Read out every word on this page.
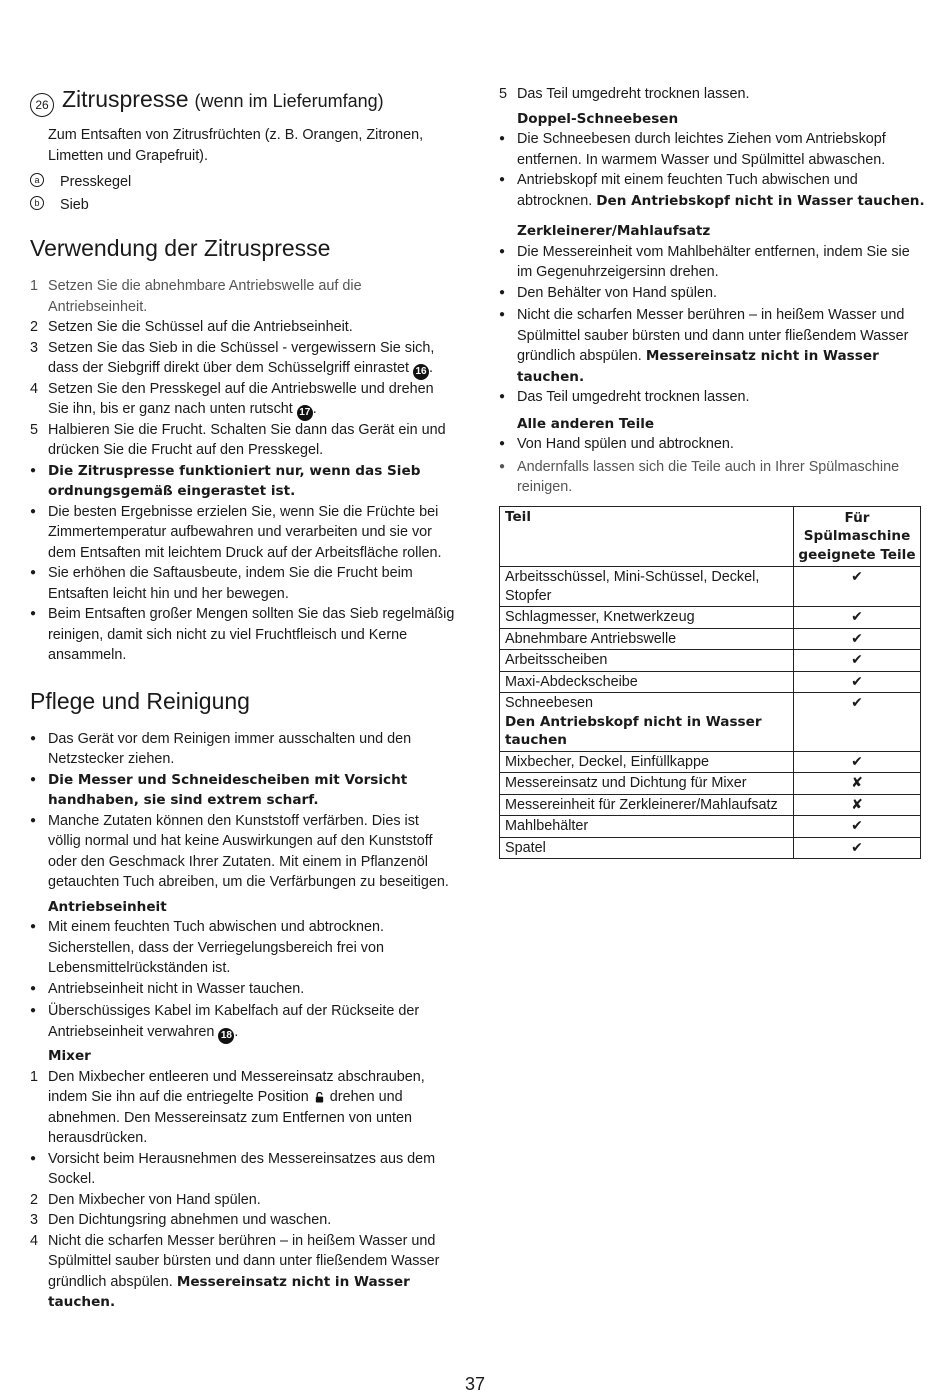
26 Zitruspresse (wenn im Lieferumfang)
Zum Entsaften von Zitrusfrüchten (z. B. Orangen, Zitronen, Limetten und Grapefruit).
a	Presskegel
b	Sieb
Verwendung der Zitruspresse
1 Setzen Sie die abnehmbare Antriebswelle auf die Antriebseinheit.
2 Setzen Sie die Schüssel auf die Antriebseinheit.
3 Setzen Sie das Sieb in die Schüssel - vergewissern Sie sich, dass der Siebgriff direkt über dem Schüsselgriff einrastet 16 .
4 Setzen Sie den Presskegel auf die Antriebswelle und drehen Sie ihn, bis er ganz nach unten rutscht 17 .
5 Halbieren Sie die Frucht. Schalten Sie dann das Gerät ein und drücken Sie die Frucht auf den Presskegel.
●
Die Zitruspresse funktioniert nur, wenn das Sieb ordnungsgemäß eingerastet ist.
●
Die besten Ergebnisse erzielen Sie, wenn Sie die Früchte bei Zimmertemperatur aufbewahren und verarbeiten und sie vor dem Entsaften mit leichtem Druck auf der Arbeitsfläche rollen.
●
Sie erhöhen die Saftausbeute, indem Sie die Frucht beim Entsaften leicht hin und her bewegen.
●
Beim Entsaften großer Mengen sollten Sie das Sieb regelmäßig reinigen, damit sich nicht zu viel Fruchtfleisch und Kerne ansammeln.
Pflege und Reinigung
●
Das Gerät vor dem Reinigen immer ausschalten und den Netzstecker ziehen.
●
Die Messer und Schneidescheiben mit Vorsicht handhaben, sie sind extrem scharf.
●
Manche Zutaten können den Kunststoff verfärben. Dies ist völlig normal und hat keine Auswirkungen auf den Kunststoff oder den Geschmack Ihrer Zutaten. Mit einem in Pflanzenöl getauchten Tuch abreiben, um die Verfärbungen zu beseitigen.
Antriebseinheit
●
Mit einem feuchten Tuch abwischen und abtrocknen. Sicherstellen, dass der Verriegelungsbereich frei von Lebensmittelrückständen ist.
●
Antriebseinheit nicht in Wasser tauchen.
●
Überschüssiges Kabel im Kabelfach auf der Rückseite der Antriebseinheit verwahren 18 .
Mixer
1 Den Mixbecher entleeren und Messereinsatz abschrauben, indem Sie ihn auf die entriegelte Position drehen und abnehmen. Den Messereinsatz zum Entfernen von unten herausdrücken.
●
Vorsicht beim Herausnehmen des Messereinsatzes aus dem Sockel.
2 Den Mixbecher von Hand spülen.
3 Den Dichtungsring abnehmen und waschen.
4 Nicht die scharfen Messer berühren – in heißem Wasser und Spülmittel sauber bürsten und dann unter fließendem Wasser gründlich abspülen. Messereinsatz nicht in Wasser tauchen.
5 Das Teil umgedreht trocknen lassen.
Doppel-Schneebesen
●
Die Schneebesen durch leichtes Ziehen vom Antriebskopf entfernen. In warmem Wasser und Spülmittel abwaschen.
●
Antriebskopf mit einem feuchten Tuch abwischen und abtrocknen. Den Antriebskopf nicht in Wasser tauchen.
Zerkleinerer/Mahlaufsatz
●
Die Messereinheit vom Mahlbehälter entfernen, indem Sie sie im Gegenuhrzeigersinn drehen.
●
Den Behälter von Hand spülen.
●
Nicht die scharfen Messer berühren – in heißem Wasser und Spülmittel sauber bürsten und dann unter fließendem Wasser gründlich abspülen. Messereinsatz nicht in Wasser tauchen.
●
Das Teil umgedreht trocknen lassen.
Alle anderen Teile
●
Von Hand spülen und abtrocknen.
●
Andernfalls lassen sich die Teile auch in Ihrer Spülmaschine reinigen.
Teil	Für Spülmaschine geeignete Teile
Arbeitsschüssel, Mini-Schüssel, Deckel, Stopfer	✔
Schlagmesser, Knetwerkzeug	✔
Abnehmbare Antriebswelle	✔
Arbeitsscheiben	✔
Maxi-Abdeckscheibe	✔

Schneebesen
Den Antriebskopf nicht in Wasser tauchen	✔
Mixbecher, Deckel, Einfüllkappe	✔
Messereinsatz und Dichtung für Mixer	✘
Messereinheit für Zerkleinerer/Mahlaufsatz	✘
Mahlbehälter	✔
Spatel	✔
37
